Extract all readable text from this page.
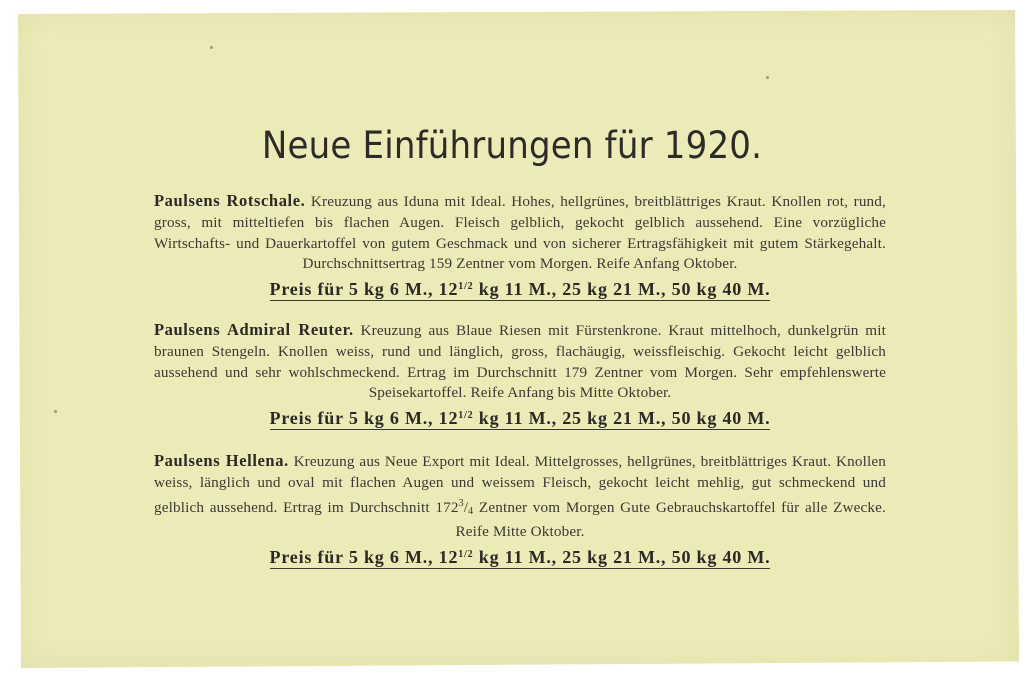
Neue Einführungen für 1920.
Paulsens Rotschale. Kreuzung aus Iduna mit Ideal. Hohes, hellgrünes, breitblättriges Kraut. Knollen rot, rund, gross, mit mitteltiefen bis flachen Augen. Fleisch gelblich, gekocht gelblich aussehend. Eine vorzügliche Wirtschafts- und Dauerkartoffel von gutem Geschmack und von sicherer Ertragsfähigkeit mit gutem Stärkegehalt. Durchschnittsertrag 159 Zentner vom Morgen. Reife Anfang Oktober.
Preis für 5 kg 6 M., $12^{1/2}$ kg 11 M., 25 kg 21 M., 50 kg 40 M.
Paulsens Admiral Reuter. Kreuzung aus Blaue Riesen mit Fürstenkrone. Kraut mittelhoch, dunkelgrün mit braunen Stengeln. Knollen weiss, rund und länglich, gross, flachäugig, weissfleischig. Gekocht leicht gelblich aussehend und sehr wohlschmeckend. Ertrag im Durchschnitt 179 Zentner vom Morgen. Sehr empfehlenswerte Speisekartoffel. Reife Anfang bis Mitte Oktober.
Preis für 5 kg 6 M., $12^{1/2}$ kg 11 M., 25 kg 21 M., 50 kg 40 M.
Paulsens Hellena. Kreuzung aus Neue Export mit Ideal. Mittelgrosses, hellgrünes, breitblättriges Kraut. Knollen weiss, länglich und oval mit flachen Augen und weissem Fleisch, gekocht leicht mehlig, gut schmeckend und gelblich aussehend. Ertrag im Durchschnitt $172^3/_4$ Zentner vom Morgen Gute Gebrauchskartoffel für alle Zwecke. Reife Mitte Oktober.
Preis für 5 kg 6 M., $12^{1/2}$ kg 11 M., 25 kg 21 M., 50 kg 40 M.
